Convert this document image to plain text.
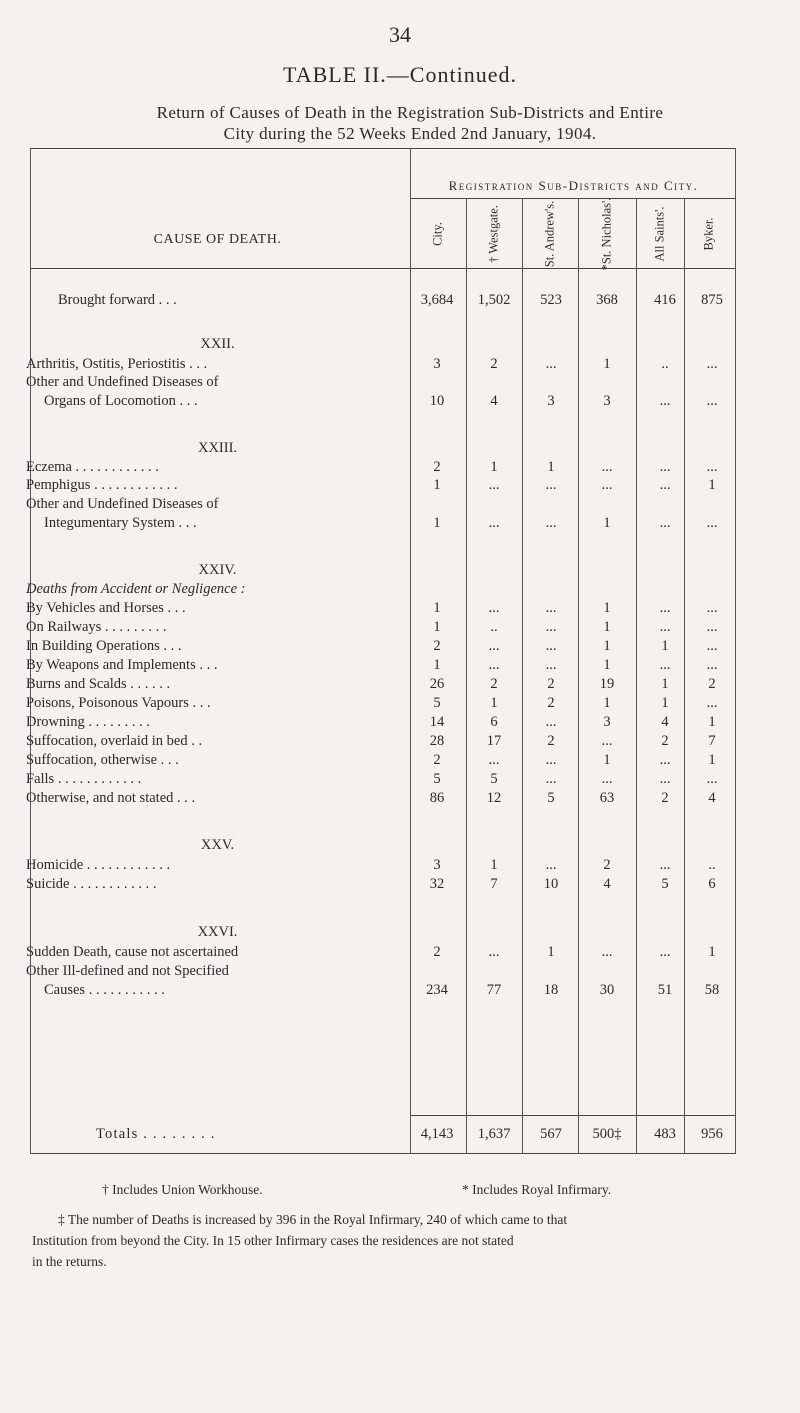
34
TABLE II.—Continued.
Return of Causes of Death in the Registration Sub-Districts and Entire
City during the 52 Weeks Ended 2nd January, 1904.
Registration Sub-Districts and City.
CAUSE OF DEATH.	City.	† Westgate.	St. Andrew's.	*St. Nicholas'.	All Saints'.	Byker.
Brought forward . . .	3,684	1,502	523	368	416	875
XXII.
Arthritis, Ostitis, Periostitis . . .	3	2	...	1	..	...
Other and Undefined Diseases of
Organs of Locomotion . . .	10	4	3	3	...	...
XXIII.
Eczema . . . . . . . . . . . .	2	1	1	...	...	...
Pemphigus . . . . . . . . . . . .	1	...	...	...	...	1
Other and Undefined Diseases of
Integumentary System . . .	1	...	...	1	...	...
XXIV.
Deaths from Accident or Negligence :
By Vehicles and Horses . . .	1	...	...	1	...	...
On Railways . . . . . . . . .	1	..	...	1	...	...
In Building Operations . . .	2	...	...	1	1	...
By Weapons and Implements . . .	1	...	...	1	...	...
Burns and Scalds . . . . . .	26	2	2	19	1	2
Poisons, Poisonous Vapours . . .	5	1	2	1	1	...
Drowning . . . . . . . . .	14	6	...	3	4	1
Suffocation, overlaid in bed . .	28	17	2	...	2	7
Suffocation, otherwise . . .	2	...	...	1	...	1
Falls . . . . . . . . . . . .	5	5	...	...	...	...
Otherwise, and not stated . . .	86	12	5	63	2	4
XXV.
Homicide . . . . . . . . . . . .	3	1	...	2	...	..
Suicide . . . . . . . . . . . .	32	7	10	4	5	6
XXVI.
Sudden Death, cause not ascertained	2	...	1	...	...	1
Other Ill-defined and not Specified
Causes . . . . . . . . . . .	234	77	18	30	51	58
Totals . . . . . . . .	4,143	1,637	567	500‡	483	956
† Includes Union Workhouse.	* Includes Royal Infirmary.
‡ The number of Deaths is increased by 396 in the Royal Infirmary, 240 of which came to that
Institution from beyond the City. In 15 other Infirmary cases the residences are not stated
in the returns.
